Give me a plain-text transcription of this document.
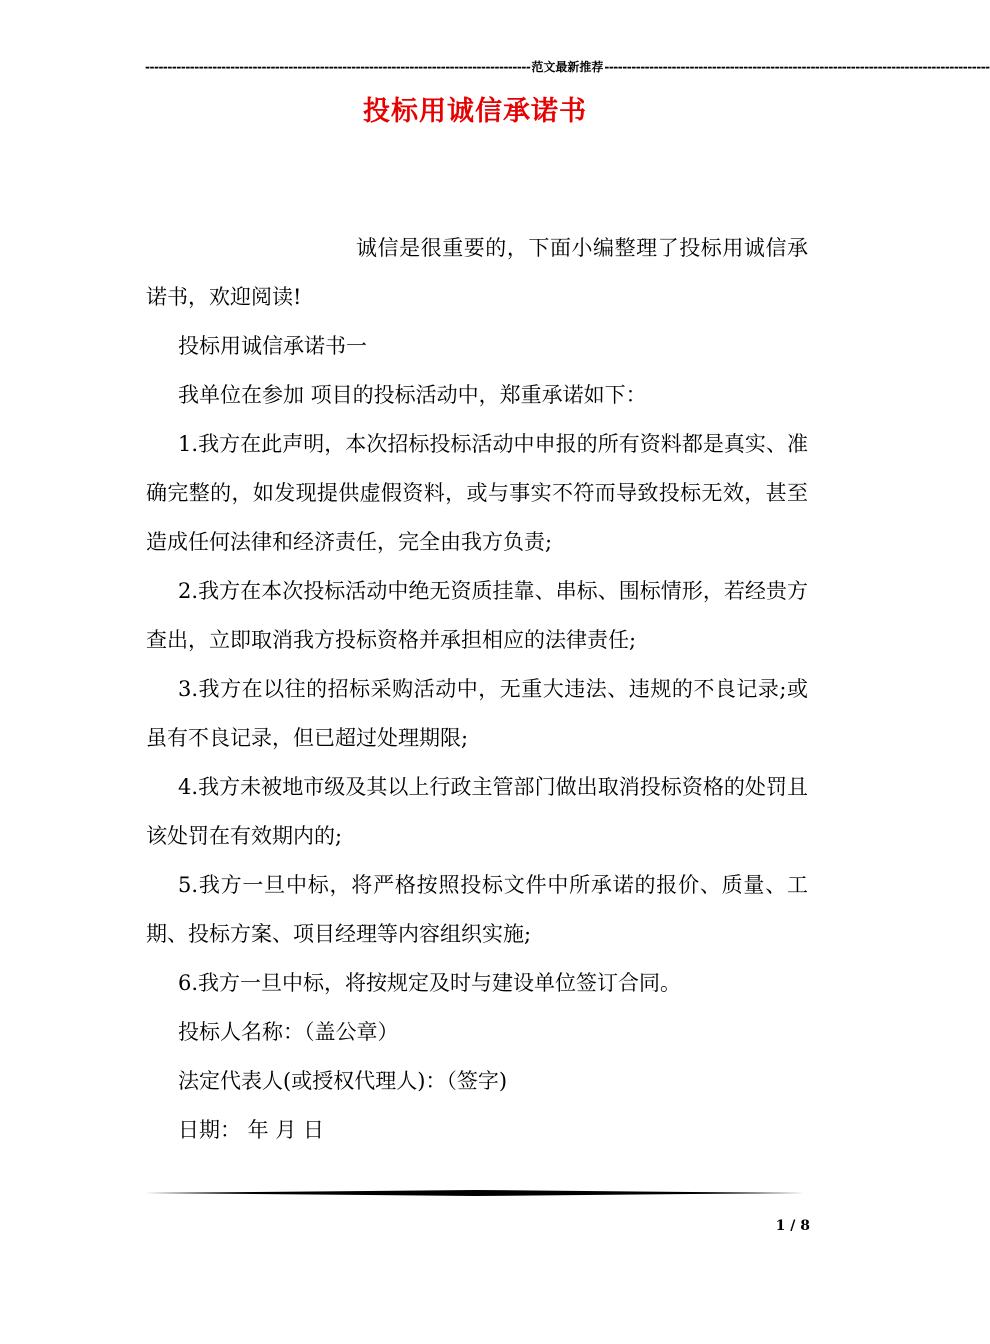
-------------------------------------------------------------------------------------- 范文最新推荐 --------------------------------------------------------------------------------------
投标用诚信承诺书

诚信是很重要的，下面小编整理了投标用诚信承诺书，欢迎阅读!

投标用诚信承诺书一

我单位在参加 项目的投标活动中，郑重承诺如下：

1.我方在此声明，本次招标投标活动中申报的所有资料都是真实、准确完整的，如发现提供虚假资料，或与事实不符而导致投标无效，甚至造成任何法律和经济责任，完全由我方负责;

2.我方在本次投标活动中绝无资质挂靠、串标、围标情形，若经贵方查出，立即取消我方投标资格并承担相应的法律责任;

3.我方在以往的招标采购活动中，无重大违法、违规的不良记录;或虽有不良记录，但已超过处理期限;

4.我方未被地市级及其以上行政主管部门做出取消投标资格的处罚且该处罚在有效期内的;

5.我方一旦中标，将严格按照投标文件中所承诺的报价、质量、工期、投标方案、项目经理等内容组织实施;

6.我方一旦中标，将按规定及时与建设单位签订合同。

投标人名称：（盖公章）

法定代表人(或授权代理人)：（签字)

日期： 年 月 日

1 / 8
